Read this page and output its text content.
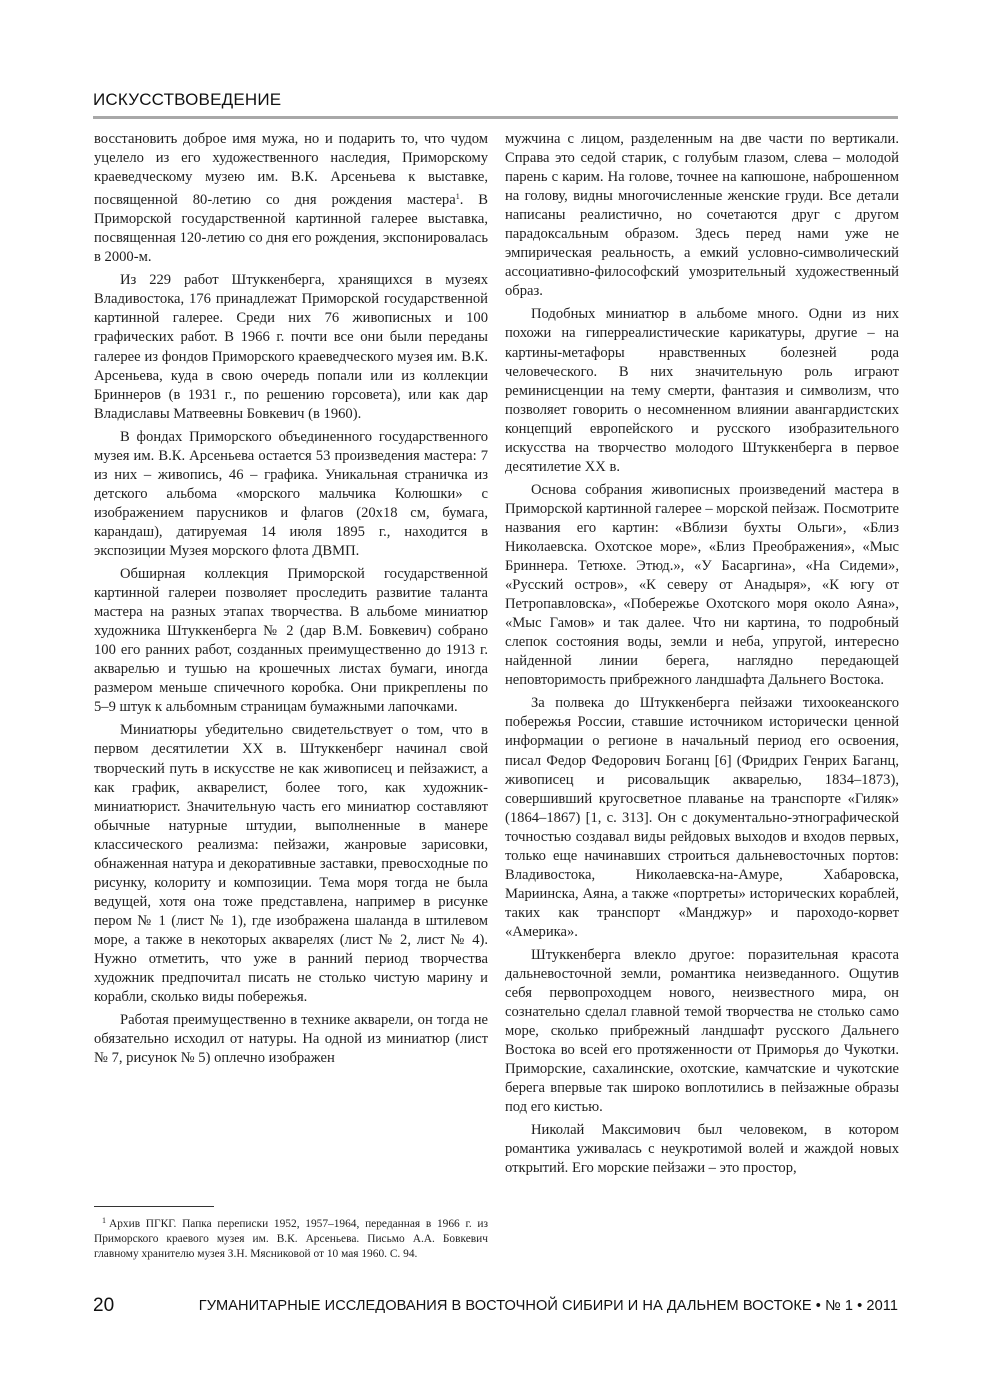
ИСКУССТВОВЕДЕНИЕ

восстановить доброе имя мужа, но и подарить то, что чудом уцелело из его художественного наследия, Приморскому краеведческому музею им. В.К. Арсеньева к выставке, посвященной 80-летию со дня рождения мастера$^1$. В Приморской государственной картинной галерее выставка, посвященная 120-летию со дня его рождения, экспонировалась в 2000-м.

Из 229 работ Штуккенберга, хранящихся в музеях Владивостока, 176 принадлежат Приморской государственной картинной галерее. Среди них 76 живописных и 100 графических работ. В 1966 г. почти все они были переданы галерее из фондов Приморского краеведческого музея им. В.К. Арсеньева, куда в свою очередь попали или из коллекции Бриннеров (в 1931 г., по решению горсовета), или как дар Владиславы Матвеевны Бовкевич (в 1960).

В фондах Приморского объединенного государственного музея им. В.К. Арсеньева остается 53 произведения мастера: 7 из них – живопись, 46 – графика. Уникальная страничка из детского альбома «морского мальчика Колюшки» с изображением парусников и флагов (20x18 см, бумага, карандаш), датируемая 14 июля 1895 г., находится в экспозиции Музея морского флота ДВМП.

Обширная коллекция Приморской государственной картинной галереи позволяет проследить развитие таланта мастера на разных этапах творчества. В альбоме миниатюр художника Штуккенберга № 2 (дар В.М. Бовкевич) собрано 100 его ранних работ, созданных преимущественно до 1913 г. акварелью и тушью на крошечных листах бумаги, иногда размером меньше спичечного коробка. Они прикреплены по 5–9 штук к альбомным страницам бумажными лапочками.

Миниатюры убедительно свидетельствует о том, что в первом десятилетии XX в. Штуккенберг начинал свой творческий путь в искусстве не как живописец и пейзажист, а как график, акварелист, более того, как художник-миниатюрист. Значительную часть его миниатюр составляют обычные натурные штудии, выполненные в манере классического реализма: пейзажи, жанровые зарисовки, обнаженная натура и декоративные заставки, превосходные по рисунку, колориту и композиции. Тема моря тогда не была ведущей, хотя она тоже представлена, например в рисунке пером № 1 (лист № 1), где изображена шаланда в штилевом море, а также в некоторых акварелях (лист № 2, лист № 4). Нужно отметить, что уже в ранний период творчества художник предпочитал писать не столько чистую марину и корабли, сколько виды побережья.

Работая преимущественно в технике акварели, он тогда не обязательно исходил от натуры. На одной из миниатюр (лист № 7, рисунок № 5) оплечно изображен

мужчина с лицом, разделенным на две части по вертикали. Справа это седой старик, с голубым глазом, слева – молодой парень с карим. На голове, точнее на капюшоне, наброшенном на голову, видны многочисленные женские груди. Все детали написаны реалистично, но сочетаются друг с другом парадоксальным образом. Здесь перед нами уже не эмпирическая реальность, а емкий условно-символический ассоциативно-философский умозрительный художественный образ.

Подобных миниатюр в альбоме много. Одни из них похожи на гиперреалистические карикатуры, другие – на картины-метафоры нравственных болезней рода человеческого. В них значительную роль играют реминисценции на тему смерти, фантазия и символизм, что позволяет говорить о несомненном влиянии авангардистских концепций европейского и русского изобразительного искусства на творчество молодого Штуккенберга в первое десятилетие XX в.

Основа собрания живописных произведений мастера в Приморской картинной галерее – морской пейзаж. Посмотрите названия его картин: «Вблизи бухты Ольги», «Близ Николаевска. Охотское море», «Близ Преображения», «Мыс Бриннера. Тетюхе. Этюд.», «У Басаргина», «На Сидеми», «Русский остров», «К северу от Анадыря», «К югу от Петропавловска», «Побережье Охотского моря около Аяна», «Мыс Гамов» и так далее. Что ни картина, то подробный слепок состояния воды, земли и неба, упругой, интересно найденной линии берега, наглядно передающей неповторимость прибрежного ландшафта Дальнего Востока.

За полвека до Штуккенберга пейзажи тихоокеанского побережья России, ставшие источником исторически ценной информации о регионе в начальный период его освоения, писал Федор Федорович Боганц [6] (Фридрих Генрих Баганц, живописец и рисовальщик акварелью, 1834–1873), совершивший кругосветное плаванье на транспорте «Гиляк» (1864–1867) [1, с. 313]. Он с документально-этнографической точностью создавал виды рейдовых выходов и входов первых, только еще начинавших строиться дальневосточных портов: Владивостока, Николаевска-на-Амуре, Хабаровска, Мариинска, Аяна, а также «портреты» исторических кораблей, таких как транспорт «Манджур» и пароходо-корвет «Америка».

Штуккенберга влекло другое: поразительная красота дальневосточной земли, романтика неизведанного. Ощутив себя первопроходцем нового, неизвестного мира, он сознательно сделал главной темой творчества не столько само море, сколько прибрежный ландшафт русского Дальнего Востока во всей его протяженности от Приморья до Чукотки. Приморские, сахалинские, охотские, камчатские и чукотские берега впервые так широко воплотились в пейзажные образы под его кистью.

Николай Максимович был человеком, в котором романтика уживалась с неукротимой волей и жаждой новых открытий. Его морские пейзажи – это простор,

$^1$ Архив ПГКГ. Папка переписки 1952, 1957–1964, переданная в 1966 г. из Приморского краевого музея им. В.К. Арсеньева. Письмо А.А. Бовкевич главному хранителю музея З.Н. Мясниковой от 10 мая 1960. С. 94.
20	ГУМАНИТАРНЫЕ ИССЛЕДОВАНИЯ В ВОСТОЧНОЙ СИБИРИ И НА ДАЛЬНЕМ ВОСТОКЕ • № 1 • 2011
